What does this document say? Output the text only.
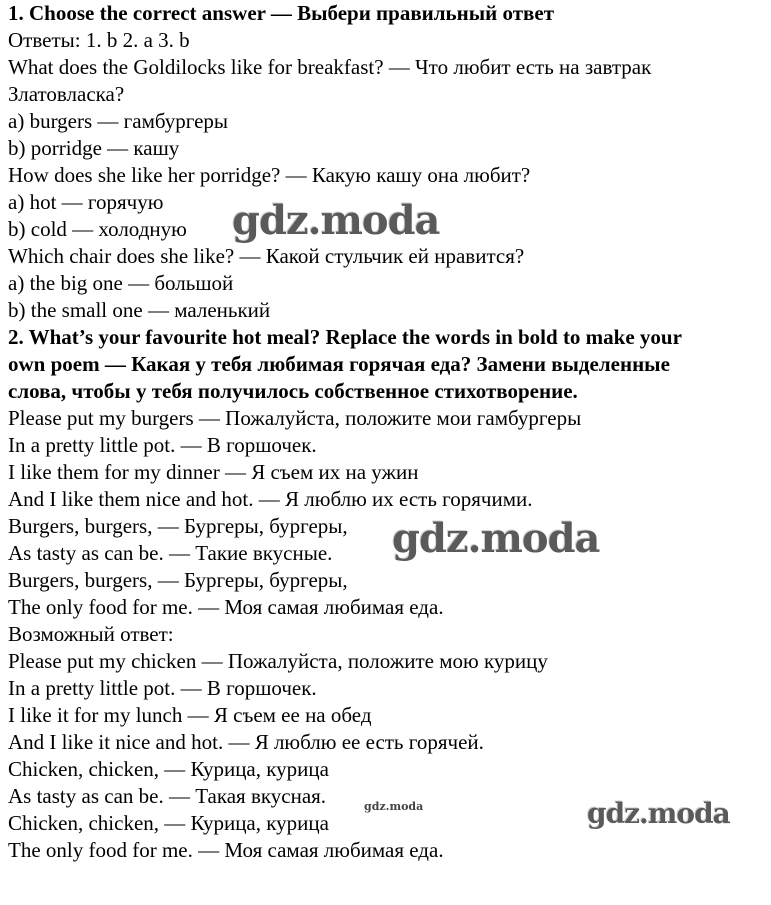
1. Choose the correct answer — Выбери правильный ответ
Ответы: 1. b 2. a 3. b
What does the Goldilocks like for breakfast? — Что любит есть на завтрак
Златовласка?
a) burgers — гамбургеры
b) porridge — кашу
How does she like her porridge? — Какую кашу она любит?
a) hot — горячую
b) cold — холодную
Which chair does she like? — Какой стульчик ей нравится?
a) the big one — большой
b) the small one — маленький
2. What’s your favourite hot meal? Replace the words in bold to make your
own poem — Какая у тебя любимая горячая еда? Замени выделенные
слова, чтобы у тебя получилось собственное стихотворение.
Please put my burgers — Пожалуйста, положите мои гамбургеры
In a pretty little pot. — В горшочек.
I like them for my dinner — Я съем их на ужин
And I like them nice and hot. — Я люблю их есть горячими.
Burgers, burgers, — Бургеры, бургеры,
As tasty as can be. — Такие вкусные.
Burgers, burgers, — Бургеры, бургеры,
The only food for me. — Моя самая любимая еда.
Возможный ответ:
Please put my chicken — Пожалуйста, положите мою курицу
In a pretty little pot. — В горшочек.
I like it for my lunch — Я съем ее на обед
And I like it nice and hot. — Я люблю ее есть горячей.
Chicken, chicken, — Курица, курица
As tasty as can be. — Такая вкусная.
Chicken, chicken, — Курица, курица
The only food for me. — Моя самая любимая еда.
gdz.moda
gdz.moda
gdz.moda
gdz.moda
